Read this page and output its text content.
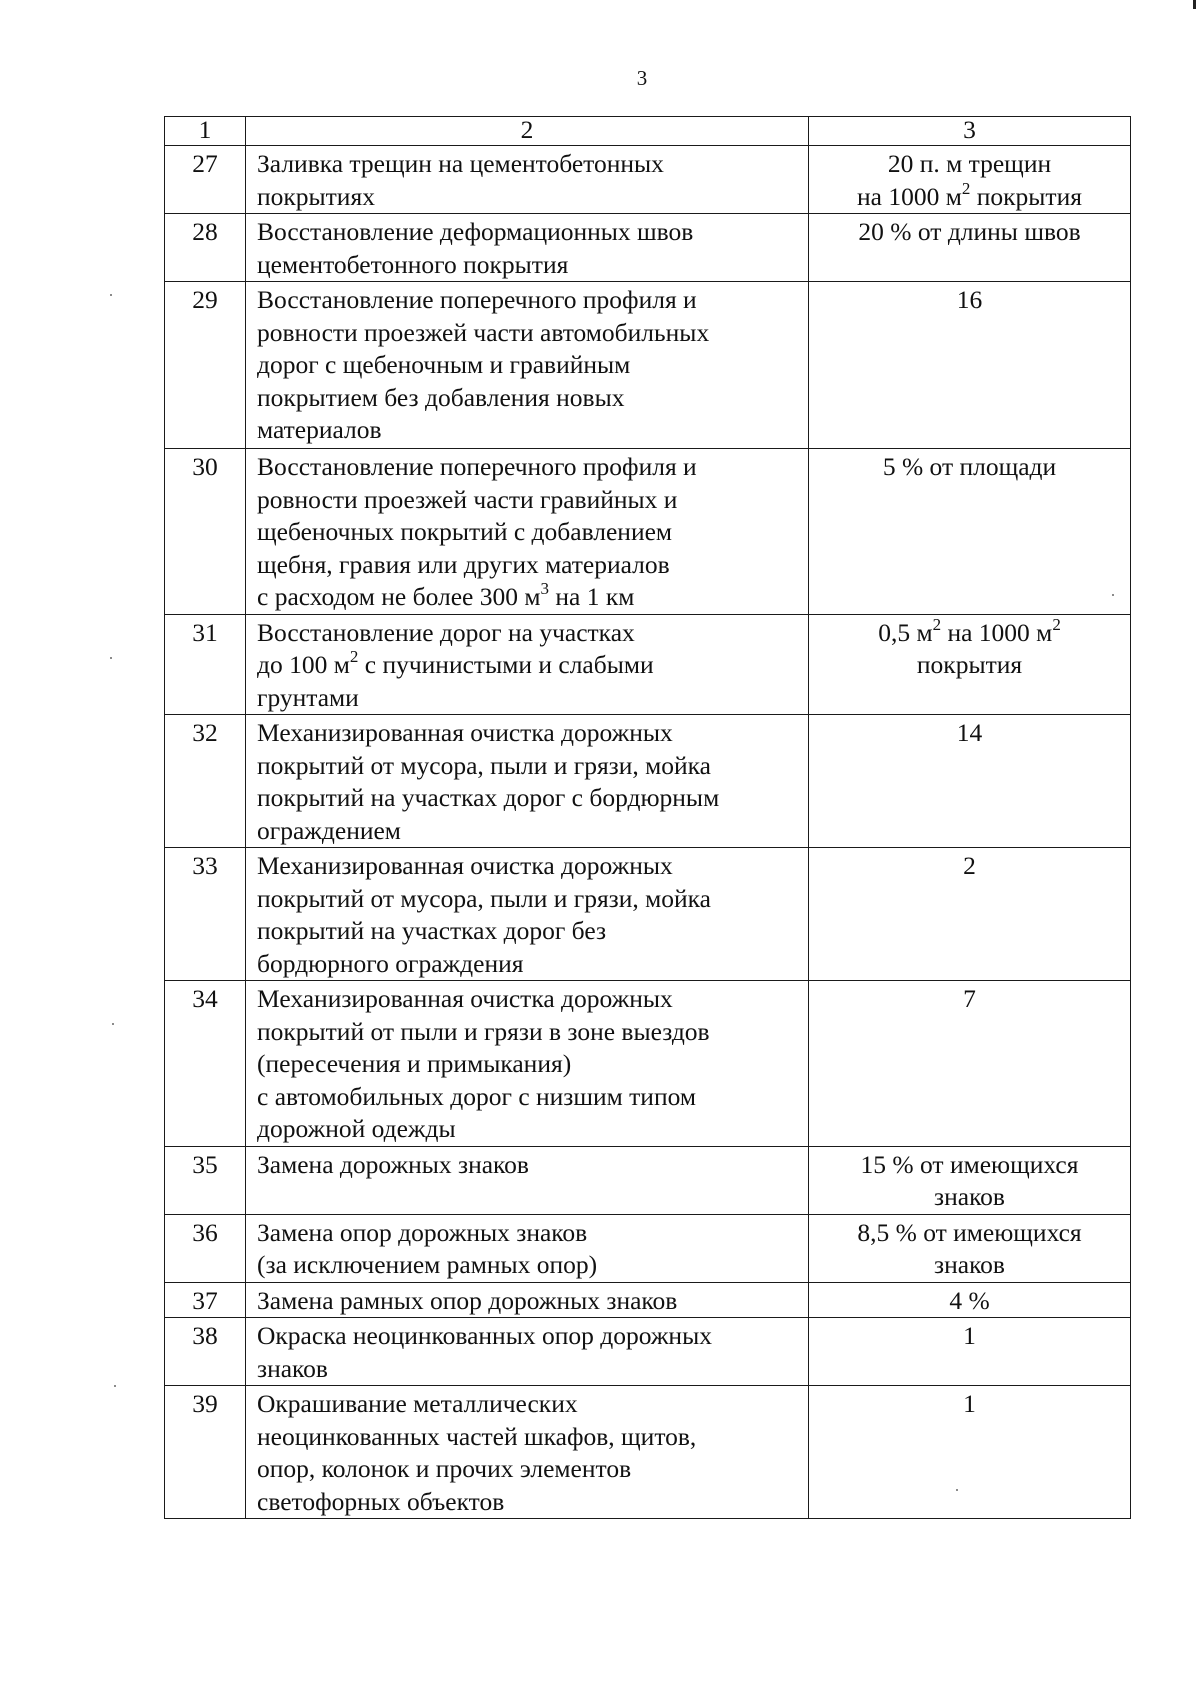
3
1	2	3
27	Заливка трещин на цементобетонных
покрытиях	20 п. м трещин
на 1000 $м^2$ покрытия

28	Восстановление деформационных швов
цементобетонного покрытия	20 % от длины швов

29	Восстановление поперечного профиля и
ровности проезжей части автомобильных
дорог с щебеночным и гравийным
покрытием без добавления новых
материалов	16

30	Восстановление поперечного профиля и
ровности проезжей части гравийных и
щебеночных покрытий с добавлением
щебня, гравия или других материалов
с расходом не более 300 $м^3$ на 1 км	5 % от площади

31	Восстановление дорог на участках
до 100 $м^2$ с пучинистыми и слабыми
грунтами	0,5 $м^2$ на 1000 $м^2$
покрытия

32	Механизированная очистка дорожных
покрытий от мусора, пыли и грязи, мойка
покрытий на участках дорог с бордюрным
ограждением	14

33	Механизированная очистка дорожных
покрытий от мусора, пыли и грязи, мойка
покрытий на участках дорог без
бордюрного ограждения	2

34	Механизированная очистка дорожных
покрытий от пыли и грязи в зоне выездов
(пересечения и примыкания)
с автомобильных дорог с низшим типом
дорожной одежды	7

35	Замена дорожных знаков	15 % от имеющихся
знаков

36	Замена опор дорожных знаков
(за исключением рамных опор)	8,5 % от имеющихся
знаков

37	Замена рамных опор дорожных знаков	4 %

38	Окраска неоцинкованных опор дорожных
знаков	1

39	Окрашивание металлических
неоцинкованных частей шкафов, щитов,
опор, колонок и прочих элементов
светофорных объектов	1
